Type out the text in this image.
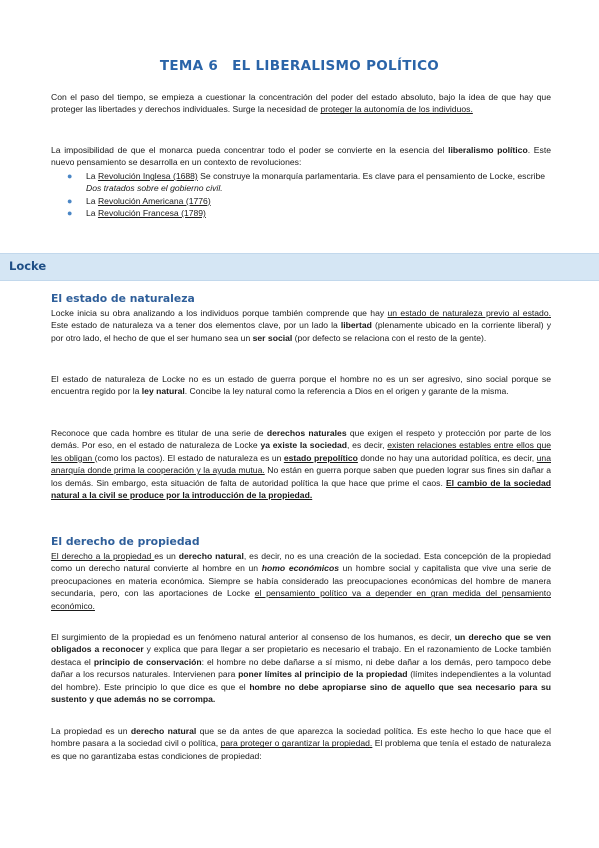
TEMA 6 EL LIBERALISMO POLÍTICO
Con el paso del tiempo, se empieza a cuestionar la concentración del poder del estado absoluto, bajo la idea de que hay que proteger las libertades y derechos individuales. Surge la necesidad de proteger la autonomía de los individuos.
La imposibilidad de que el monarca pueda concentrar todo el poder se convierte en la esencia del liberalismo político. Este nuevo pensamiento se desarrolla en un contexto de revoluciones:
● La Revolución Inglesa (1688) Se construye la monarquía parlamentaria. Es clave para el pensamiento de Locke, escribe Dos tratados sobre el gobierno civil.
● La Revolución Americana (1776)
● La Revolución Francesa (1789)
Locke
El estado de naturaleza
Locke inicia su obra analizando a los individuos porque también comprende que hay un estado de naturaleza previo al estado. Este estado de naturaleza va a tener dos elementos clave, por un lado la libertad (plenamente ubicado en la corriente liberal) y por otro lado, el hecho de que el ser humano sea un ser social (por defecto se relaciona con el resto de la gente).
El estado de naturaleza de Locke no es un estado de guerra porque el hombre no es un ser agresivo, sino social porque se encuentra regido por la ley natural. Concibe la ley natural como la referencia a Dios en el origen y garante de la misma.
Reconoce que cada hombre es titular de una serie de derechos naturales que exigen el respeto y protección por parte de los demás. Por eso, en el estado de naturaleza de Locke ya existe la sociedad, es decir, existen relaciones estables entre ellos que les obligan (como los pactos). El estado de naturaleza es un estado prepolítico donde no hay una autoridad política, es decir, una anarquía donde prima la cooperación y la ayuda mutua. No están en guerra porque saben que pueden lograr sus fines sin dañar a los demás. Sin embargo, esta situación de falta de autoridad política la que hace que prime el caos. El cambio de la sociedad natural a la civil se produce por la introducción de la propiedad.
El derecho de propiedad
El derecho a la propiedad es un derecho natural, es decir, no es una creación de la sociedad. Esta concepción de la propiedad como un derecho natural convierte al hombre en un homo económicos un hombre social y capitalista que vive una serie de preocupaciones en materia económica. Siempre se había considerado las preocupaciones económicas del hombre de manera secundaria, pero, con las aportaciones de Locke el pensamiento político va a depender en gran medida del pensamiento económico.
El surgimiento de la propiedad es un fenómeno natural anterior al consenso de los humanos, es decir, un derecho que se ven obligados a reconocer y explica que para llegar a ser propietario es necesario el trabajo. En el razonamiento de Locke también destaca el principio de conservación: el hombre no debe dañarse a sí mismo, ni debe dañar a los demás, pero tampoco debe dañar a los recursos naturales. Intervienen para poner límites al principio de la propiedad (límites independientes a la voluntad del hombre). Este principio lo que dice es que el hombre no debe apropiarse sino de aquello que sea necesario para su sustento y que además no se corrompa.
La propiedad es un derecho natural que se da antes de que aparezca la sociedad política. Es este hecho lo que hace que el hombre pasara a la sociedad civil o política, para proteger o garantizar la propiedad. El problema que tenía el estado de naturaleza es que no garantizaba estas condiciones de propiedad:
